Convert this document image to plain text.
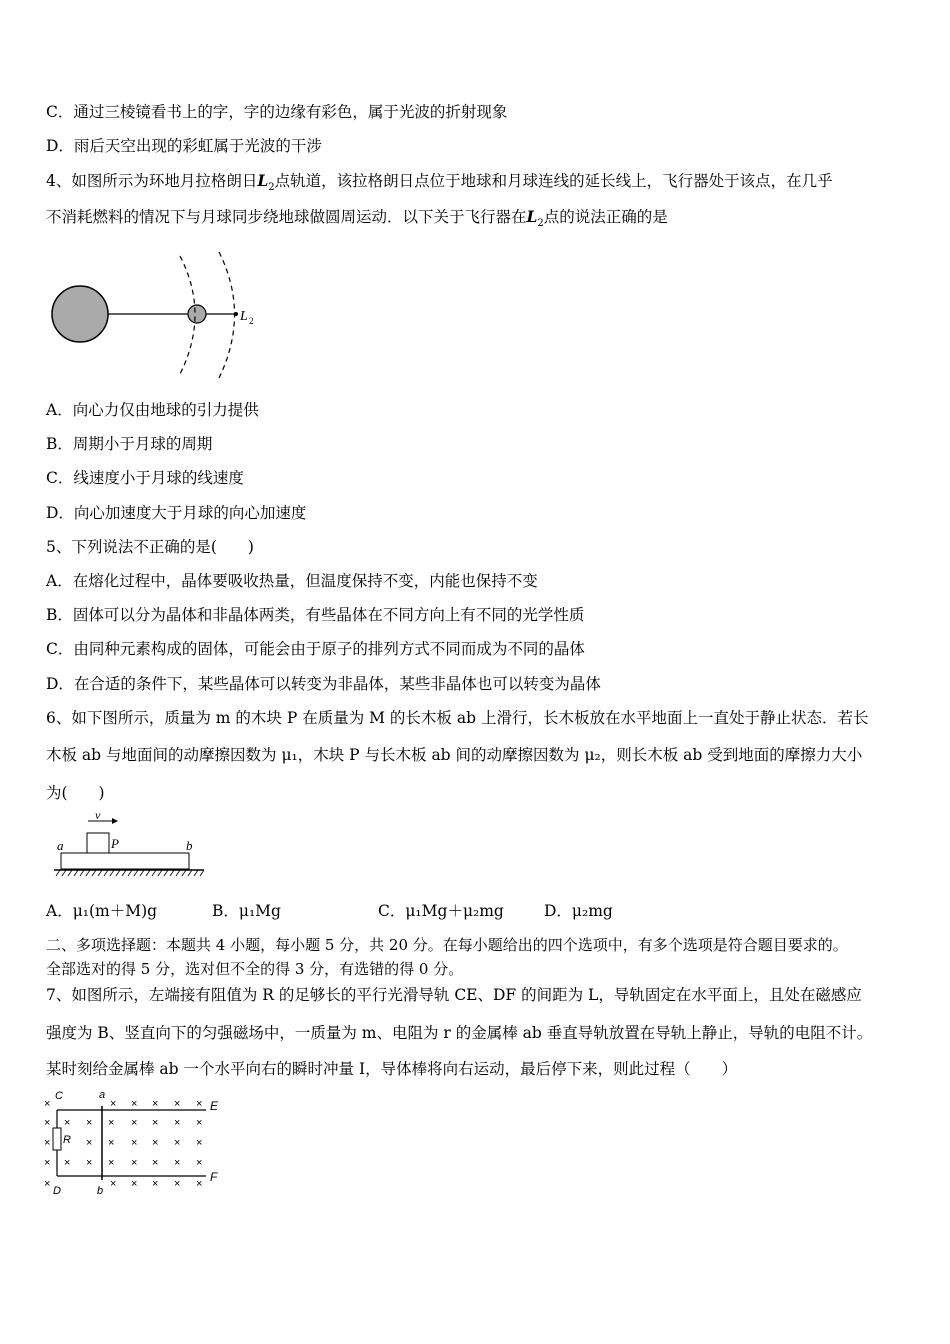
C．通过三棱镜看书上的字，字的边缘有彩色，属于光波的折射现象
D．雨后天空出现的彩虹属于光波的干涉
4、如图所示为环地月拉格朗日$L_2$点轨道，该拉格朗日点位于地球和月球连线的延长线上，飞行器处于该点，在几乎
不消耗燃料的情况下与月球同步绕地球做圆周运动．以下关于飞行器在$L_2$点的说法正确的是
L 2
A．向心力仅由地球的引力提供
B．周期小于月球的周期
C．线速度小于月球的线速度
D．向心加速度大于月球的向心加速度
5、下列说法不正确的是(　　)
A．在熔化过程中，晶体要吸收热量，但温度保持不变，内能也保持不变
B．固体可以分为晶体和非晶体两类，有些晶体在不同方向上有不同的光学性质
C．由同种元素构成的固体，可能会由于原子的排列方式不同而成为不同的晶体
D．在合适的条件下，某些晶体可以转变为非晶体，某些非晶体也可以转变为晶体
6、如下图所示，质量为 m 的木块 P 在质量为 M 的长木板 ab 上滑行，长木板放在水平地面上一直处于静止状态．若长
木板 ab 与地面间的动摩擦因数为 μ₁，木块 P 与长木板 ab 间的动摩擦因数为 μ₂，则长木板 ab 受到地面的摩擦力大小
为(　　)
v
P
a	b
A．μ₁(m＋M)g	B．μ₁Mg	C．μ₁Mg＋μ₂mg	D．μ₂mg
二、多项选择题：本题共 4 小题，每小题 5 分，共 20 分。在每小题给出的四个选项中，有多个选项是符合题目要求的。
全部选对的得 5 分，选对但不全的得 3 分，有选错的得 0 分。
7、如图所示，左端接有阻值为 R 的足够长的平行光滑导轨 CE、DF 的间距为 L，导轨固定在水平面上，且处在磁感应
强度为 B、竖直向下的匀强磁场中，一质量为 m、电阻为 r 的金属棒 ab 垂直导轨放置在导轨上静止，导轨的电阻不计。
某时刻给金属棒 ab 一个水平向右的瞬时冲量 I，导体棒将向右运动，最后停下来，则此过程（　　）
×	× × × × ×
× × × × × × × ×
×	× × × × × ×
× × × × × × × ×
×	× × × × ×
C	a
E
R
F
D	b
